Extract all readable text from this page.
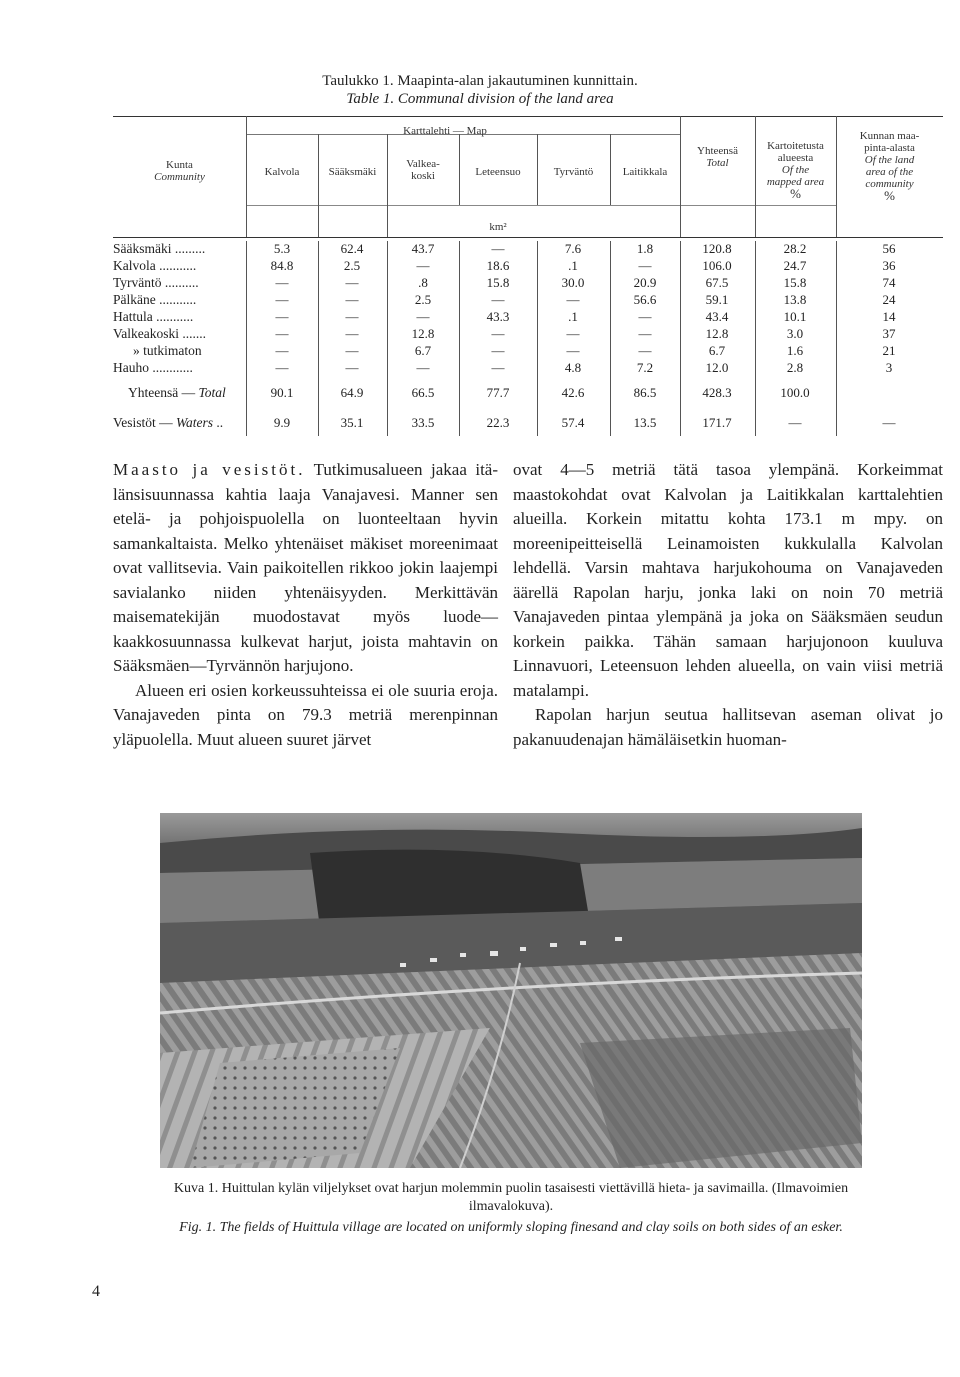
Taulukko 1. Maapinta-alan jakautuminen kunnittain.
Table 1. Communal division of the land area
Kunta
Community
Karttalehti — Map
Kalvola	Sääksmäki
Valkea-
koski	Leteensuo	Tyrväntö	Laitikkala
Yhteensä
Total
Kartoitetusta
alueesta
Of the
mapped area
%
Kunnan maa-
pinta-alasta
Of the land
area of the
community
%
km²
Sääksmäki .........	5.3	62.4	43.7	—	7.6	1.8	120.8	28.2	56
Kalvola ...........	84.8	2.5	—	18.6	.1	—	106.0	24.7	36
Tyrväntö ..........	—	—	.8	15.8	30.0	20.9	67.5	15.8	74
Pälkäne ...........	—	—	2.5	—	—	56.6	59.1	13.8	24
Hattula ...........	—	—	—	43.3	.1	—	43.4	10.1	14
Valkeakoski .......	—	—	12.8	—	—	—	12.8	3.0	37
» tutkimaton	—	—	6.7	—	—	—	6.7	1.6	21
Hauho ............	—	—	—	—	4.8	7.2	12.0	2.8	3
Yhteensä — Total	90.1	64.9	66.5	77.7	42.6	86.5	428.3	100.0
Vesistöt — Waters ..	9.9	35.1	33.5	22.3	57.4	13.5	171.7	—	—

Maasto ja vesistöt. Tutkimusalueen jakaa itä-länsisuunnassa kahtia laaja Vanajavesi. Manner sen etelä- ja pohjoispuolella on luonteeltaan hyvin samankaltaista. Melko yhtenäiset mäkiset moreenimaat ovat vallitsevia. Vain paikoitellen rikkoo jokin laajempi savialanko niiden yhtenäisyyden. Merkittävän maisematekijän muodostavat myös luode—kaakkosuunnassa kulkevat harjut, joista mahtavin on Sääksmäen—Tyrvännön harjujono.

Alueen eri osien korkeussuhteissa ei ole suuria eroja. Vanajaveden pinta on 79.3 metriä merenpinnan yläpuolella. Muut alueen suuret järvet

ovat 4—5 metriä tätä tasoa ylempänä. Korkeimmat maastokohdat ovat Kalvolan ja Laitikkalan karttalehtien alueilla. Korkein mitattu kohta 173.1 m mpy. on moreenipeitteisellä Leinamoisten kukkulalla Kalvolan lehdellä. Varsin mahtava harjukohouma on Vanajaveden äärellä Rapolan harju, jonka laki on noin 70 metriä Vanajaveden pintaa ylempänä ja joka on Sääksmäen seudun korkein paikka. Tähän samaan harjujonoon kuuluva Linnavuori, Leteensuon lehden alueella, on vain viisi metriä matalampi.

Rapolan harjun seutua hallitsevan aseman olivat jo pakanuudenajan hämäläisetkin huoman-

Kuva 1. Huittulan kylän viljelykset ovat harjun molemmin puolin tasaisesti viettävillä hieta- ja savimailla. (Ilmavoimien ilmavalokuva).
Fig. 1. The fields of Huittula village are located on uniformly sloping finesand and clay soils on both sides of an esker.
4
